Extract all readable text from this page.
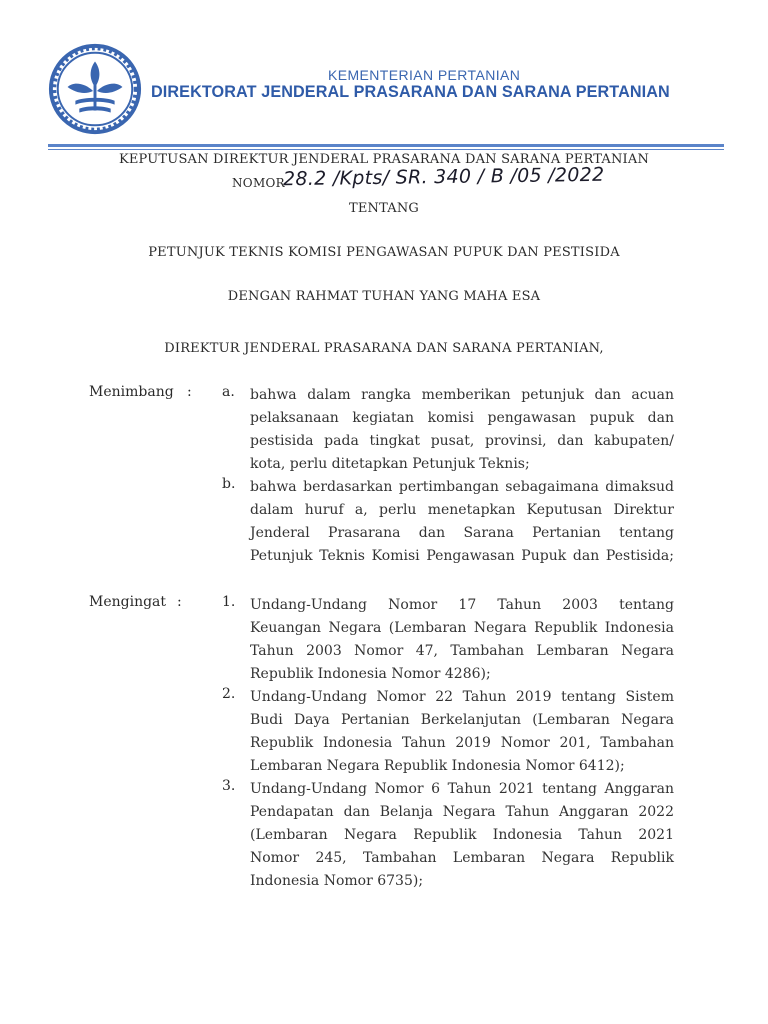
KEMENTERIAN PERTANIAN
DIREKTORAT JENDERAL PRASARANA DAN SARANA PERTANIAN
KEPUTUSAN DIREKTUR JENDERAL PRASARANA DAN SARANA PERTANIAN
NOMOR
28.2 /Kpts/ SR. 340 / B /05 /2022
TENTANG
PETUNJUK TEKNIS KOMISI PENGAWASAN PUPUK DAN PESTISIDA
DENGAN RAHMAT TUHAN YANG MAHA ESA
DIREKTUR JENDERAL PRASARANA DAN SARANA PERTANIAN,
Menimbang : a. bahwa dalam rangka memberikan petunjuk dan acuan
pelaksanaan kegiatan komisi pengawasan pupuk dan
pestisida pada tingkat pusat, provinsi, dan kabupaten/
kota, perlu ditetapkan Petunjuk Teknis;
b. bahwa berdasarkan pertimbangan sebagaimana dimaksud
dalam huruf a, perlu menetapkan Keputusan Direktur
Jenderal Prasarana dan Sarana Pertanian tentang
Petunjuk Teknis Komisi Pengawasan Pupuk dan Pestisida;
Mengingat :	1. Undang-Undang Nomor 17 Tahun 2003 tentang
Keuangan Negara (Lembaran Negara Republik Indonesia
Tahun 2003 Nomor 47, Tambahan Lembaran Negara
Republik Indonesia Nomor 4286);
2. Undang-Undang Nomor 22 Tahun 2019 tentang Sistem
Budi Daya Pertanian Berkelanjutan (Lembaran Negara
Republik Indonesia Tahun 2019 Nomor 201, Tambahan
Lembaran Negara Republik Indonesia Nomor 6412);
3. Undang-Undang Nomor 6 Tahun 2021 tentang Anggaran
Pendapatan dan Belanja Negara Tahun Anggaran 2022
(Lembaran Negara Republik Indonesia Tahun 2021
Nomor 245, Tambahan Lembaran Negara Republik
Indonesia Nomor 6735);
